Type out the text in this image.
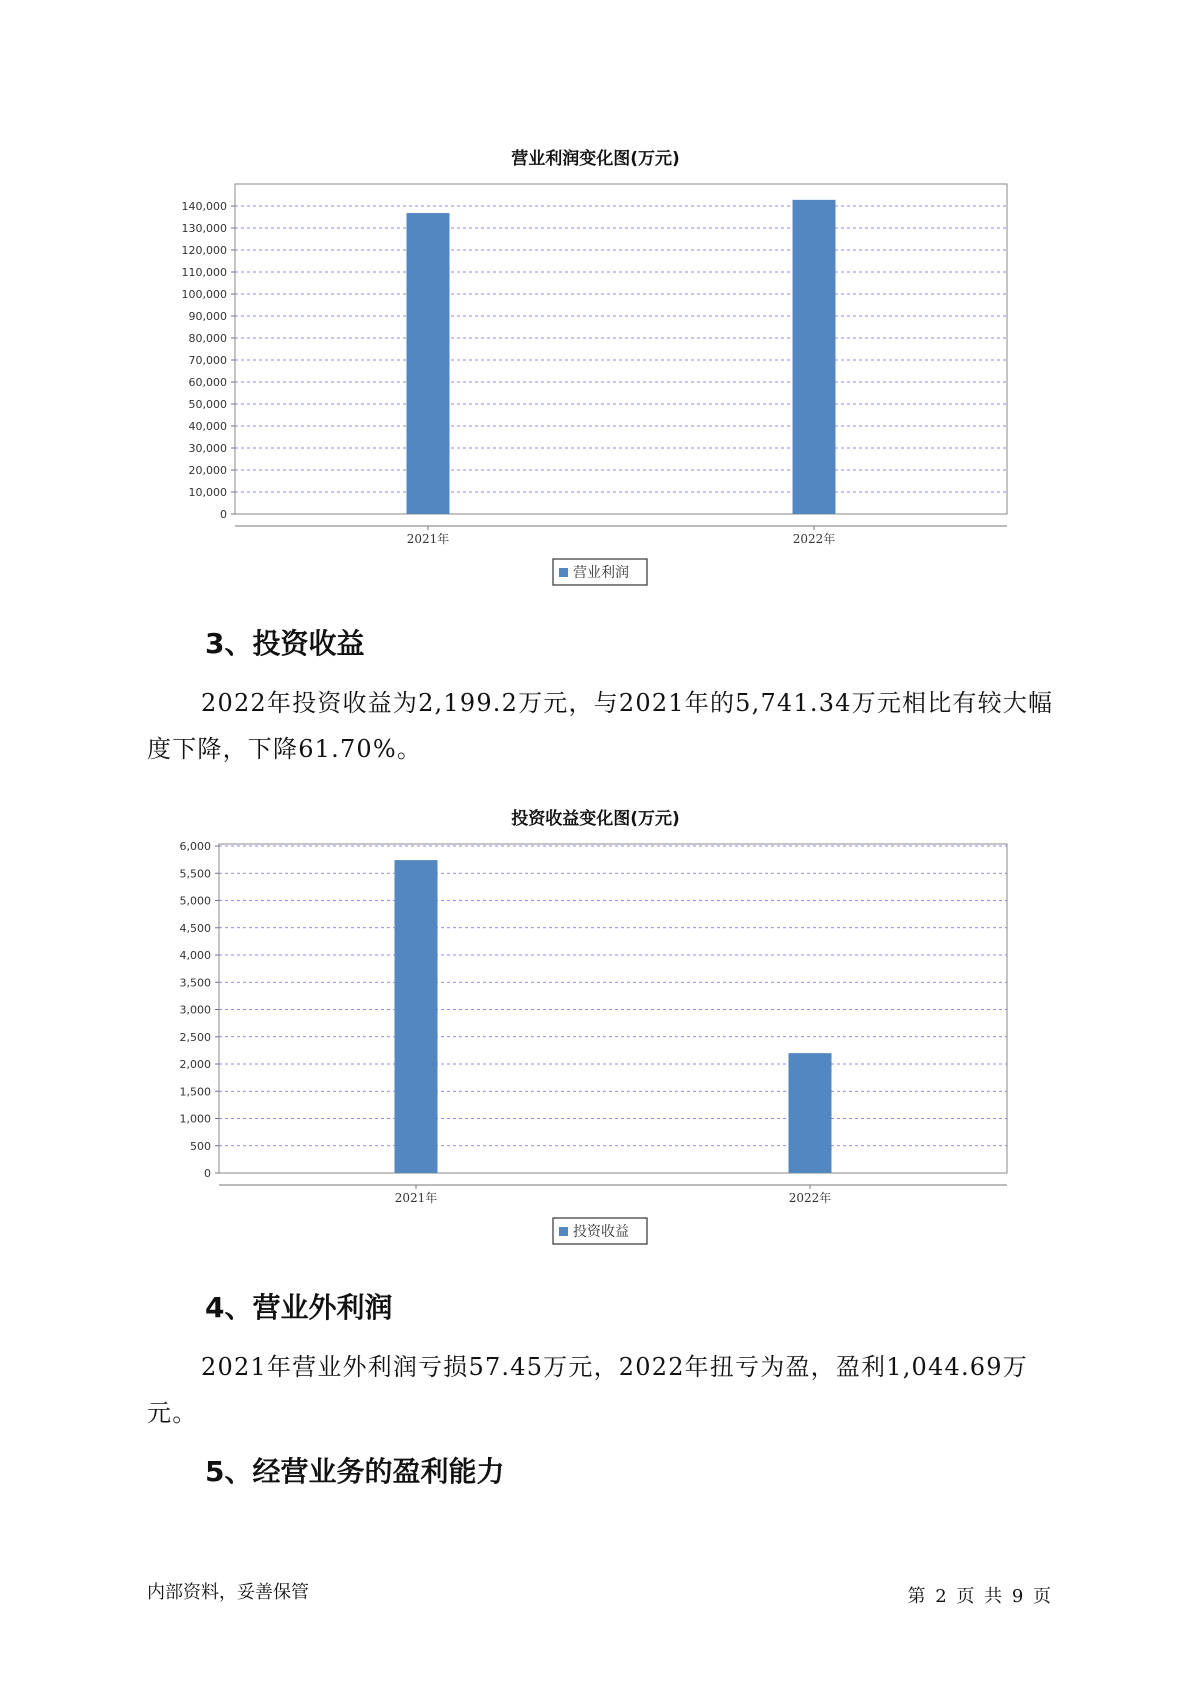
营业利润变化图(万元)
0
10,000
20,000
30,000
40,000
50,000
60,000
70,000
80,000
90,000
100,000
110,000
120,000
130,000
140,000
2021年	2022年
营业利润
3、投资收益

2022年投资收益为2,199.2万元，与2021年的5,741.34万元相比有较大幅度下降，下降61.70%。

投资收益变化图(万元)
0
500
1,000
1,500
2,000
2,500
3,000
3,500
4,000
4,500
5,000
5,500
6,000
2021年	2022年
投资收益
4、营业外利润

2021年营业外利润亏损57.45万元，2022年扭亏为盈，盈利1,044.69万元。

5、经营业务的盈利能力
内部资料，妥善保管	第 2 页 共 9 页
